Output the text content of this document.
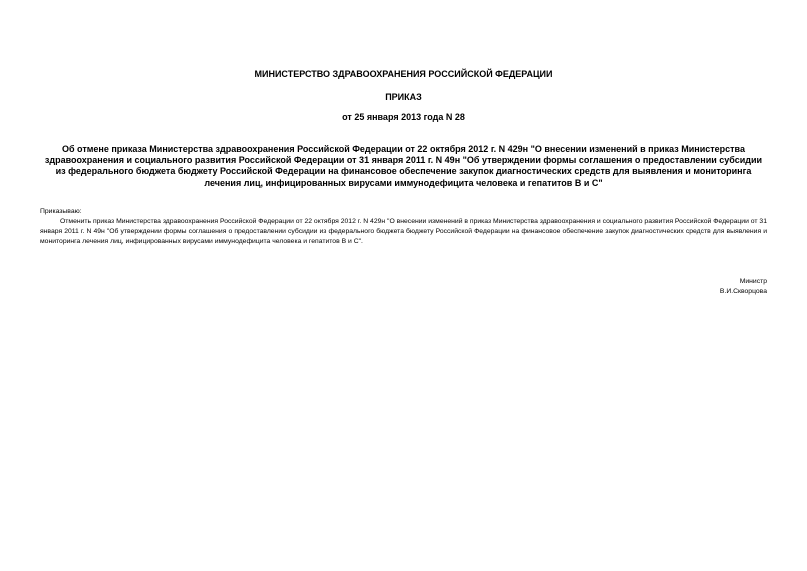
МИНИСТЕРСТВО ЗДРАВООХРАНЕНИЯ РОССИЙСКОЙ ФЕДЕРАЦИИ
ПРИКАЗ
от 25 января 2013 года N 28
Об отмене приказа Министерства здравоохранения Российской Федерации от 22 октября 2012 г. N 429н "О внесении изменений в приказ Министерства здравоохранения и социального развития Российской Федерации от 31 января 2011 г. N 49н "Об утверждении формы соглашения о предоставлении субсидии из федерального бюджета бюджету Российской Федерации на финансовое обеспечение закупок диагностических средств для выявления и мониторинга лечения лиц, инфицированных вирусами иммунодефицита человека и гепатитов В и С"
Приказываю:
Отменить приказ Министерства здравоохранения Российской Федерации от 22 октября 2012 г. N 429н "О внесении изменений в приказ Министерства здравоохранения и социального развития Российской Федерации от 31 января 2011 г. N 49н "Об утверждении формы соглашения о предоставлении субсидии из федерального бюджета бюджету Российской Федерации на финансовое обеспечение закупок диагностических средств для выявления и мониторинга лечения лиц, инфицированных вирусами иммунодефицита человека и гепатитов В и С".
Министр
В.И.Скворцова
